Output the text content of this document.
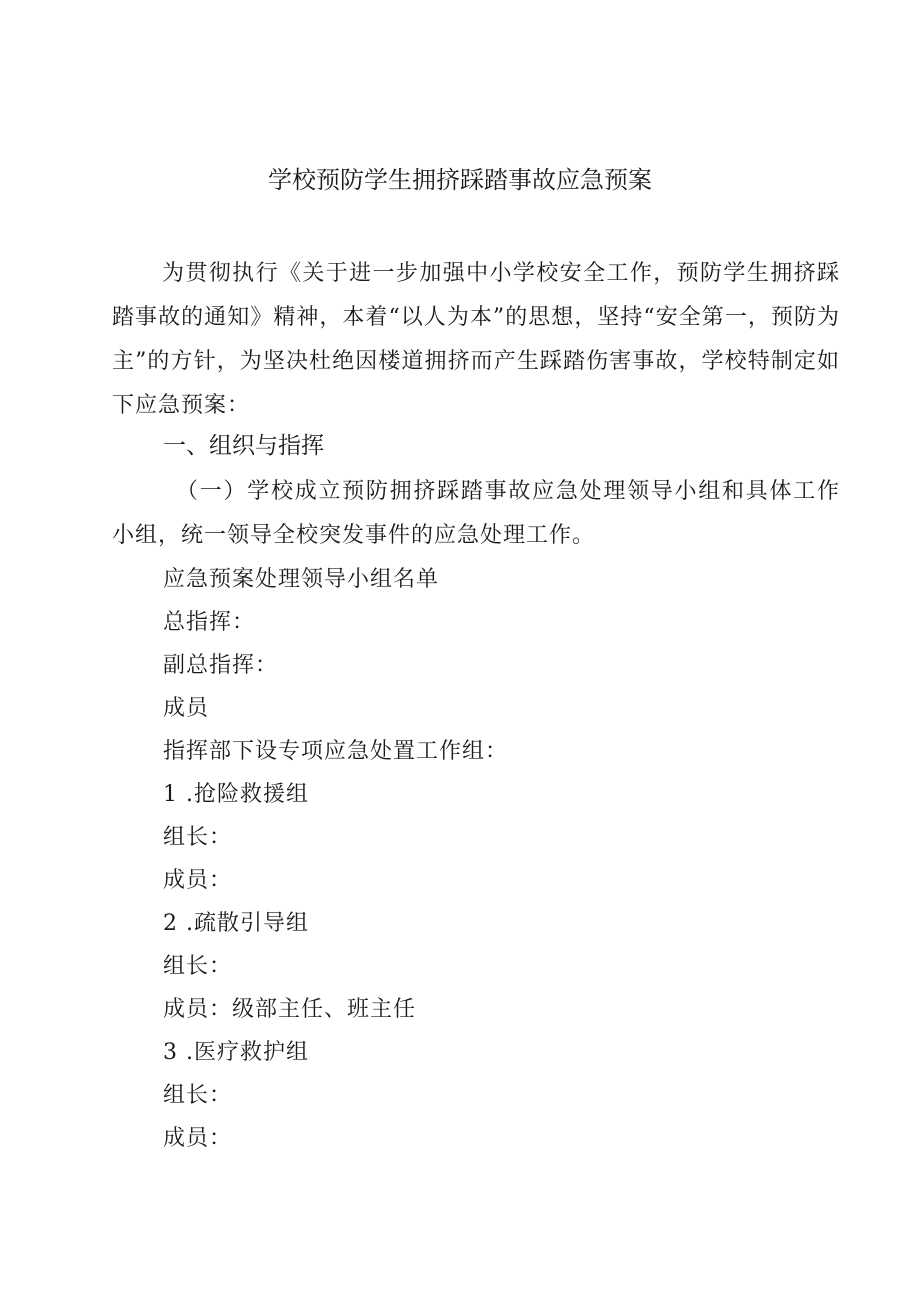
学校预防学生拥挤踩踏事故应急预案
为贯彻执行《关于进一步加强中小学校安全工作，预防学生拥挤踩踏事故的通知》精神，本着“以人为本”的思想，坚持“安全第一，预防为主”的方针，为坚决杜绝因楼道拥挤而产生踩踏伤害事故，学校特制定如下应急预案：
一、组织与指挥
（一）学校成立预防拥挤踩踏事故应急处理领导小组和具体工作小组，统一领导全校突发事件的应急处理工作。
应急预案处理领导小组名单
总指挥：
副总指挥：
成员
指挥部下设专项应急处置工作组：
1 .抢险救援组
组长：
成员：
2 .疏散引导组
组长：
成员：级部主任、班主任
3 .医疗救护组
组长：
成员：
